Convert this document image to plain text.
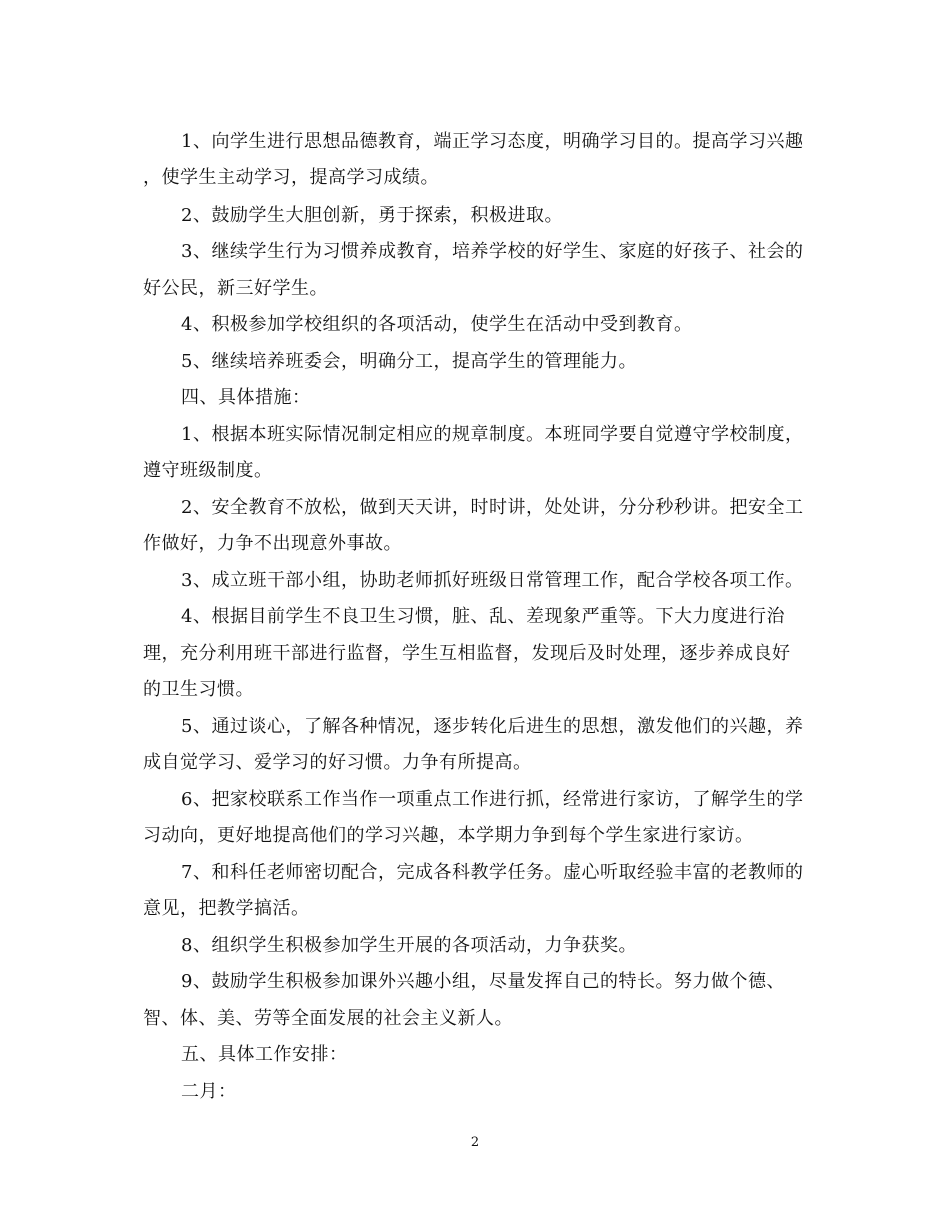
1、向学生进行思想品德教育，端正学习态度，明确学习目的。提高学习兴趣
，使学生主动学习，提高学习成绩。
2、鼓励学生大胆创新，勇于探索，积极进取。
3、继续学生行为习惯养成教育，培养学校的好学生、家庭的好孩子、社会的
好公民，新三好学生。
4、积极参加学校组织的各项活动，使学生在活动中受到教育。
5、继续培养班委会，明确分工，提高学生的管理能力。
四、具体措施：
1、根据本班实际情况制定相应的规章制度。本班同学要自觉遵守学校制度，
遵守班级制度。
2、安全教育不放松，做到天天讲，时时讲，处处讲，分分秒秒讲。把安全工
作做好，力争不出现意外事故。
3、成立班干部小组，协助老师抓好班级日常管理工作，配合学校各项工作。
4、根据目前学生不良卫生习惯，脏、乱、差现象严重等。下大力度进行治
理，充分利用班干部进行监督，学生互相监督，发现后及时处理，逐步养成良好
的卫生习惯。
5、通过谈心，了解各种情况，逐步转化后进生的思想，激发他们的兴趣，养
成自觉学习、爱学习的好习惯。力争有所提高。
6、把家校联系工作当作一项重点工作进行抓，经常进行家访，了解学生的学
习动向，更好地提高他们的学习兴趣，本学期力争到每个学生家进行家访。
7、和科任老师密切配合，完成各科教学任务。虚心听取经验丰富的老教师的
意见，把教学搞活。
8、组织学生积极参加学生开展的各项活动，力争获奖。
9、鼓励学生积极参加课外兴趣小组，尽量发挥自己的特长。努力做个德、
智、体、美、劳等全面发展的社会主义新人。
五、具体工作安排：
二月：
2
